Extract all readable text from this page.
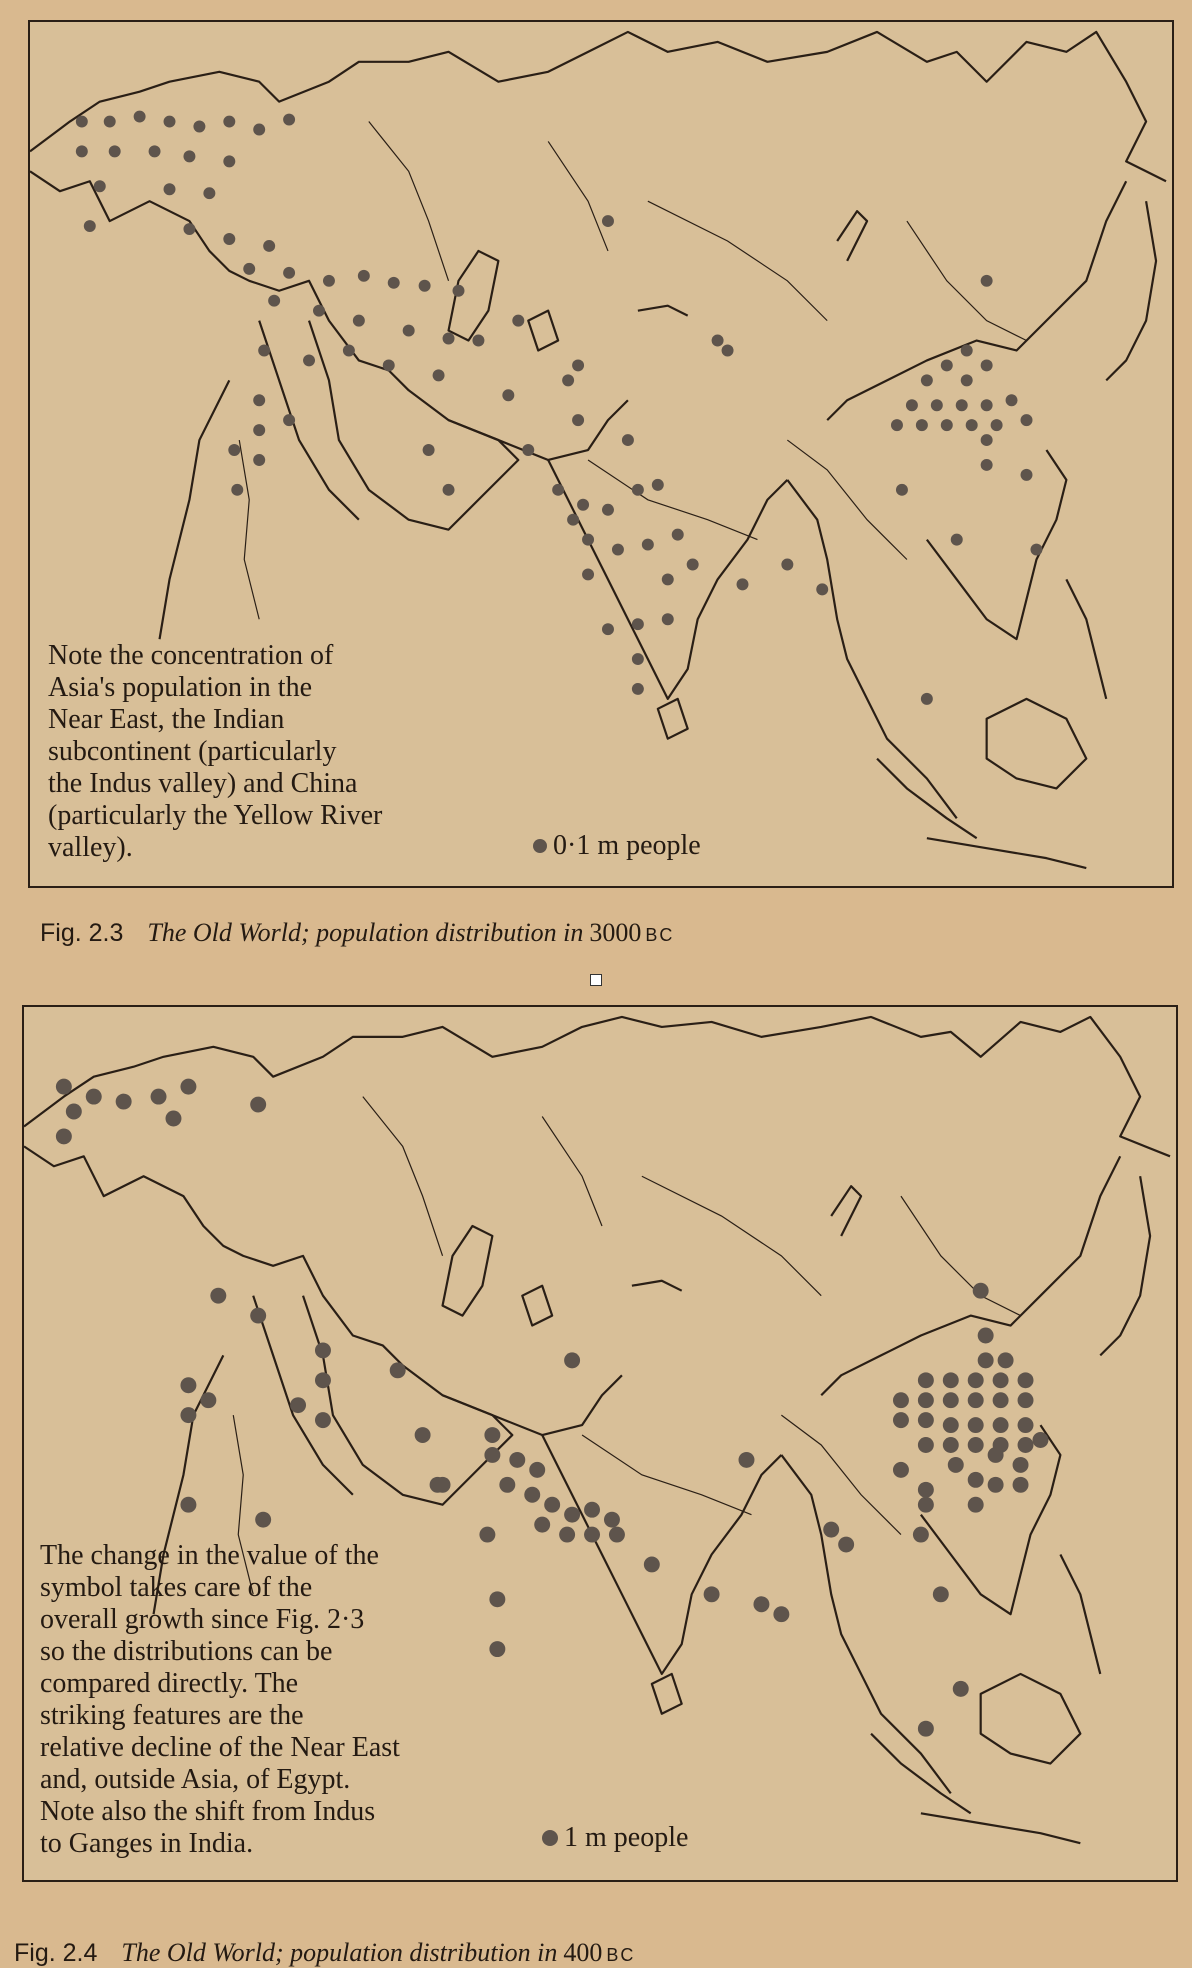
Note the concentration of
Asia's population in the
Near East, the Indian
subcontinent (particularly
the Indus valley) and China
(particularly the Yellow River
valley).	0·1 m people
Fig. 2.3 The Old World; population distribution in 3000 BC
The change in the value of the
symbol takes care of the
overall growth since Fig. 2·3
so the distributions can be
compared directly. The
striking features are the
relative decline of the Near East
and, outside Asia, of Egypt.
Note also the shift from Indus
to Ganges in India.	1 m people
Fig. 2.4 The Old World; population distribution in 400 BC
